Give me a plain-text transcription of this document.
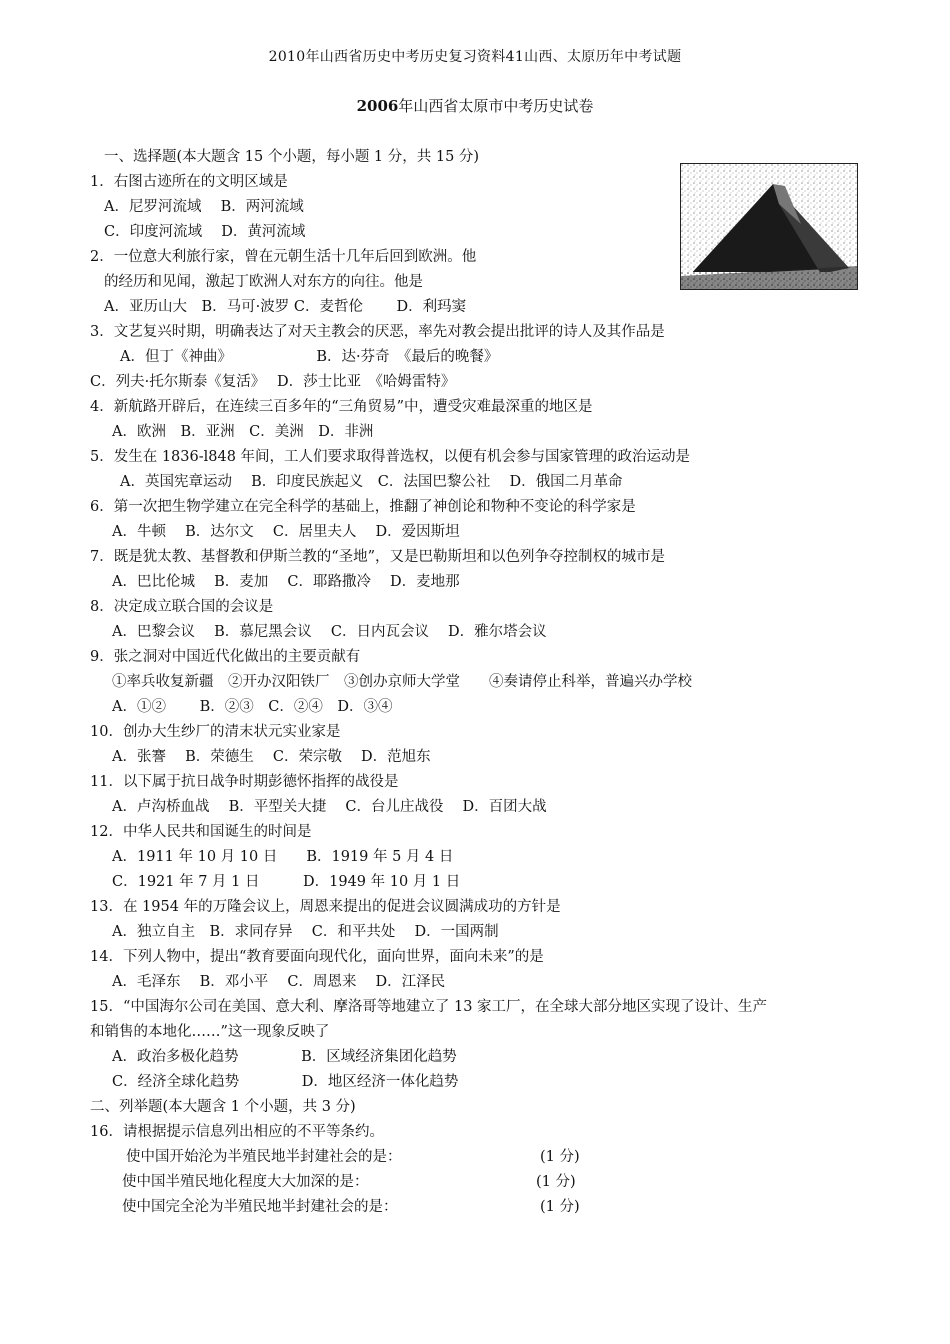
2010年山西省历史中考历史复习资料41山西、太原历年中考试题
2006年山西省太原市中考历史试卷
一、选择题(本大题含 15 个小题，每小题 1 分，共 15 分)
1．右图古迹所在的文明区域是
A．尼罗河流域　 B．两河流域
C．印度河流域　 D．黄河流域
2．一位意大利旅行家，曾在元朝生活十几年后回到欧洲。他
的经历和见闻，激起丁欧洲人对东方的向往。他是
A．亚历山大　B．马可·波罗 C．麦哲伦　　 D．利玛窦
3．文艺复兴时期，明确表达了对天主教会的厌恶，率先对教会提出批评的诗人及其作品是
A．但丁《神曲》　　　　　　 B．达·芬奇　《最后的晚餐》
C．列夫·托尔斯泰《复活》　 D．莎士比亚　《哈姆雷特》
4．新航路开辟后，在连续三百多年的“三角贸易”中，遭受灾难最深重的地区是
A．欧洲　B．亚洲　C．美洲　D．非洲
5．发生在 1836-l848 年间，工人们要求取得普选权，以便有机会参与国家管理的政治运动是
A．英国宪章运动　 B．印度民族起义　C．法国巴黎公社　 D．俄国二月革命
6．第一次把生物学建立在完全科学的基础上，推翻了神创论和物种不变论的科学家是
A．牛顿　 B．达尔文　 C．居里夫人　 D．爱因斯坦
7．既是犹太教、基督教和伊斯兰教的“圣地”，又是巴勒斯坦和以色列争夺控制权的城市是
A．巴比伦城　 B．麦加　 C．耶路撒冷　 D．麦地那
8．决定成立联合国的会议是
A．巴黎会议　 B．慕尼黑会议　 C．日内瓦会议　 D．雅尔塔会议
9．张之洞对中国近代化做出的主要贡献有
①率兵收复新疆　②开办汉阳铁厂　③创办京师大学堂　　④奏请停止科举，普遍兴办学校
A．①②　　 B．②③　C．②④　D．③④
10．创办大生纱厂的清末状元实业家是
A．张謇　 B．荣德生　 C．荣宗敬　 D．范旭东
11．以下属于抗日战争时期彭德怀指挥的战役是
A．卢沟桥血战　 B．平型关大捷　 C．台儿庄战役　 D．百团大战
12．中华人民共和国诞生的时间是
A．1911 年 10 月 10 日　　B．1919 年 5 月 4 日
C．1921 年 7 月 1 日　　　D．1949 年 10 月 1 日
13．在 1954 年的万隆会议上，周恩来提出的促进会议圆满成功的方针是
A．独立自主　B．求同存异　 C．和平共处　 D．一国两制
14．下列人物中，提出“教育要面向现代化，面向世界，面向未来”的是
A．毛泽东　 B．邓小平　 C．周恩来　 D．江泽民
15．“中国海尔公司在美国、意大利、摩洛哥等地建立了 13 家工厂，在全球大部分地区实现了设计、生产
和销售的本地化……”这一现象反映了
A．政治多极化趋势　　　　 B．区域经济集团化趋势
C．经济全球化趋势　　　　 D．地区经济一体化趋势
二、列举题(本大题含 1 个小题，共 3 分)
16．请根据提示信息列出相应的不平等条约。
使中国开始沦为半殖民地半封建社会的是：	(1 分)
使中国半殖民地化程度大大加深的是：	(1 分)
使中国完全沦为半殖民地半封建社会的是：	(1 分)
